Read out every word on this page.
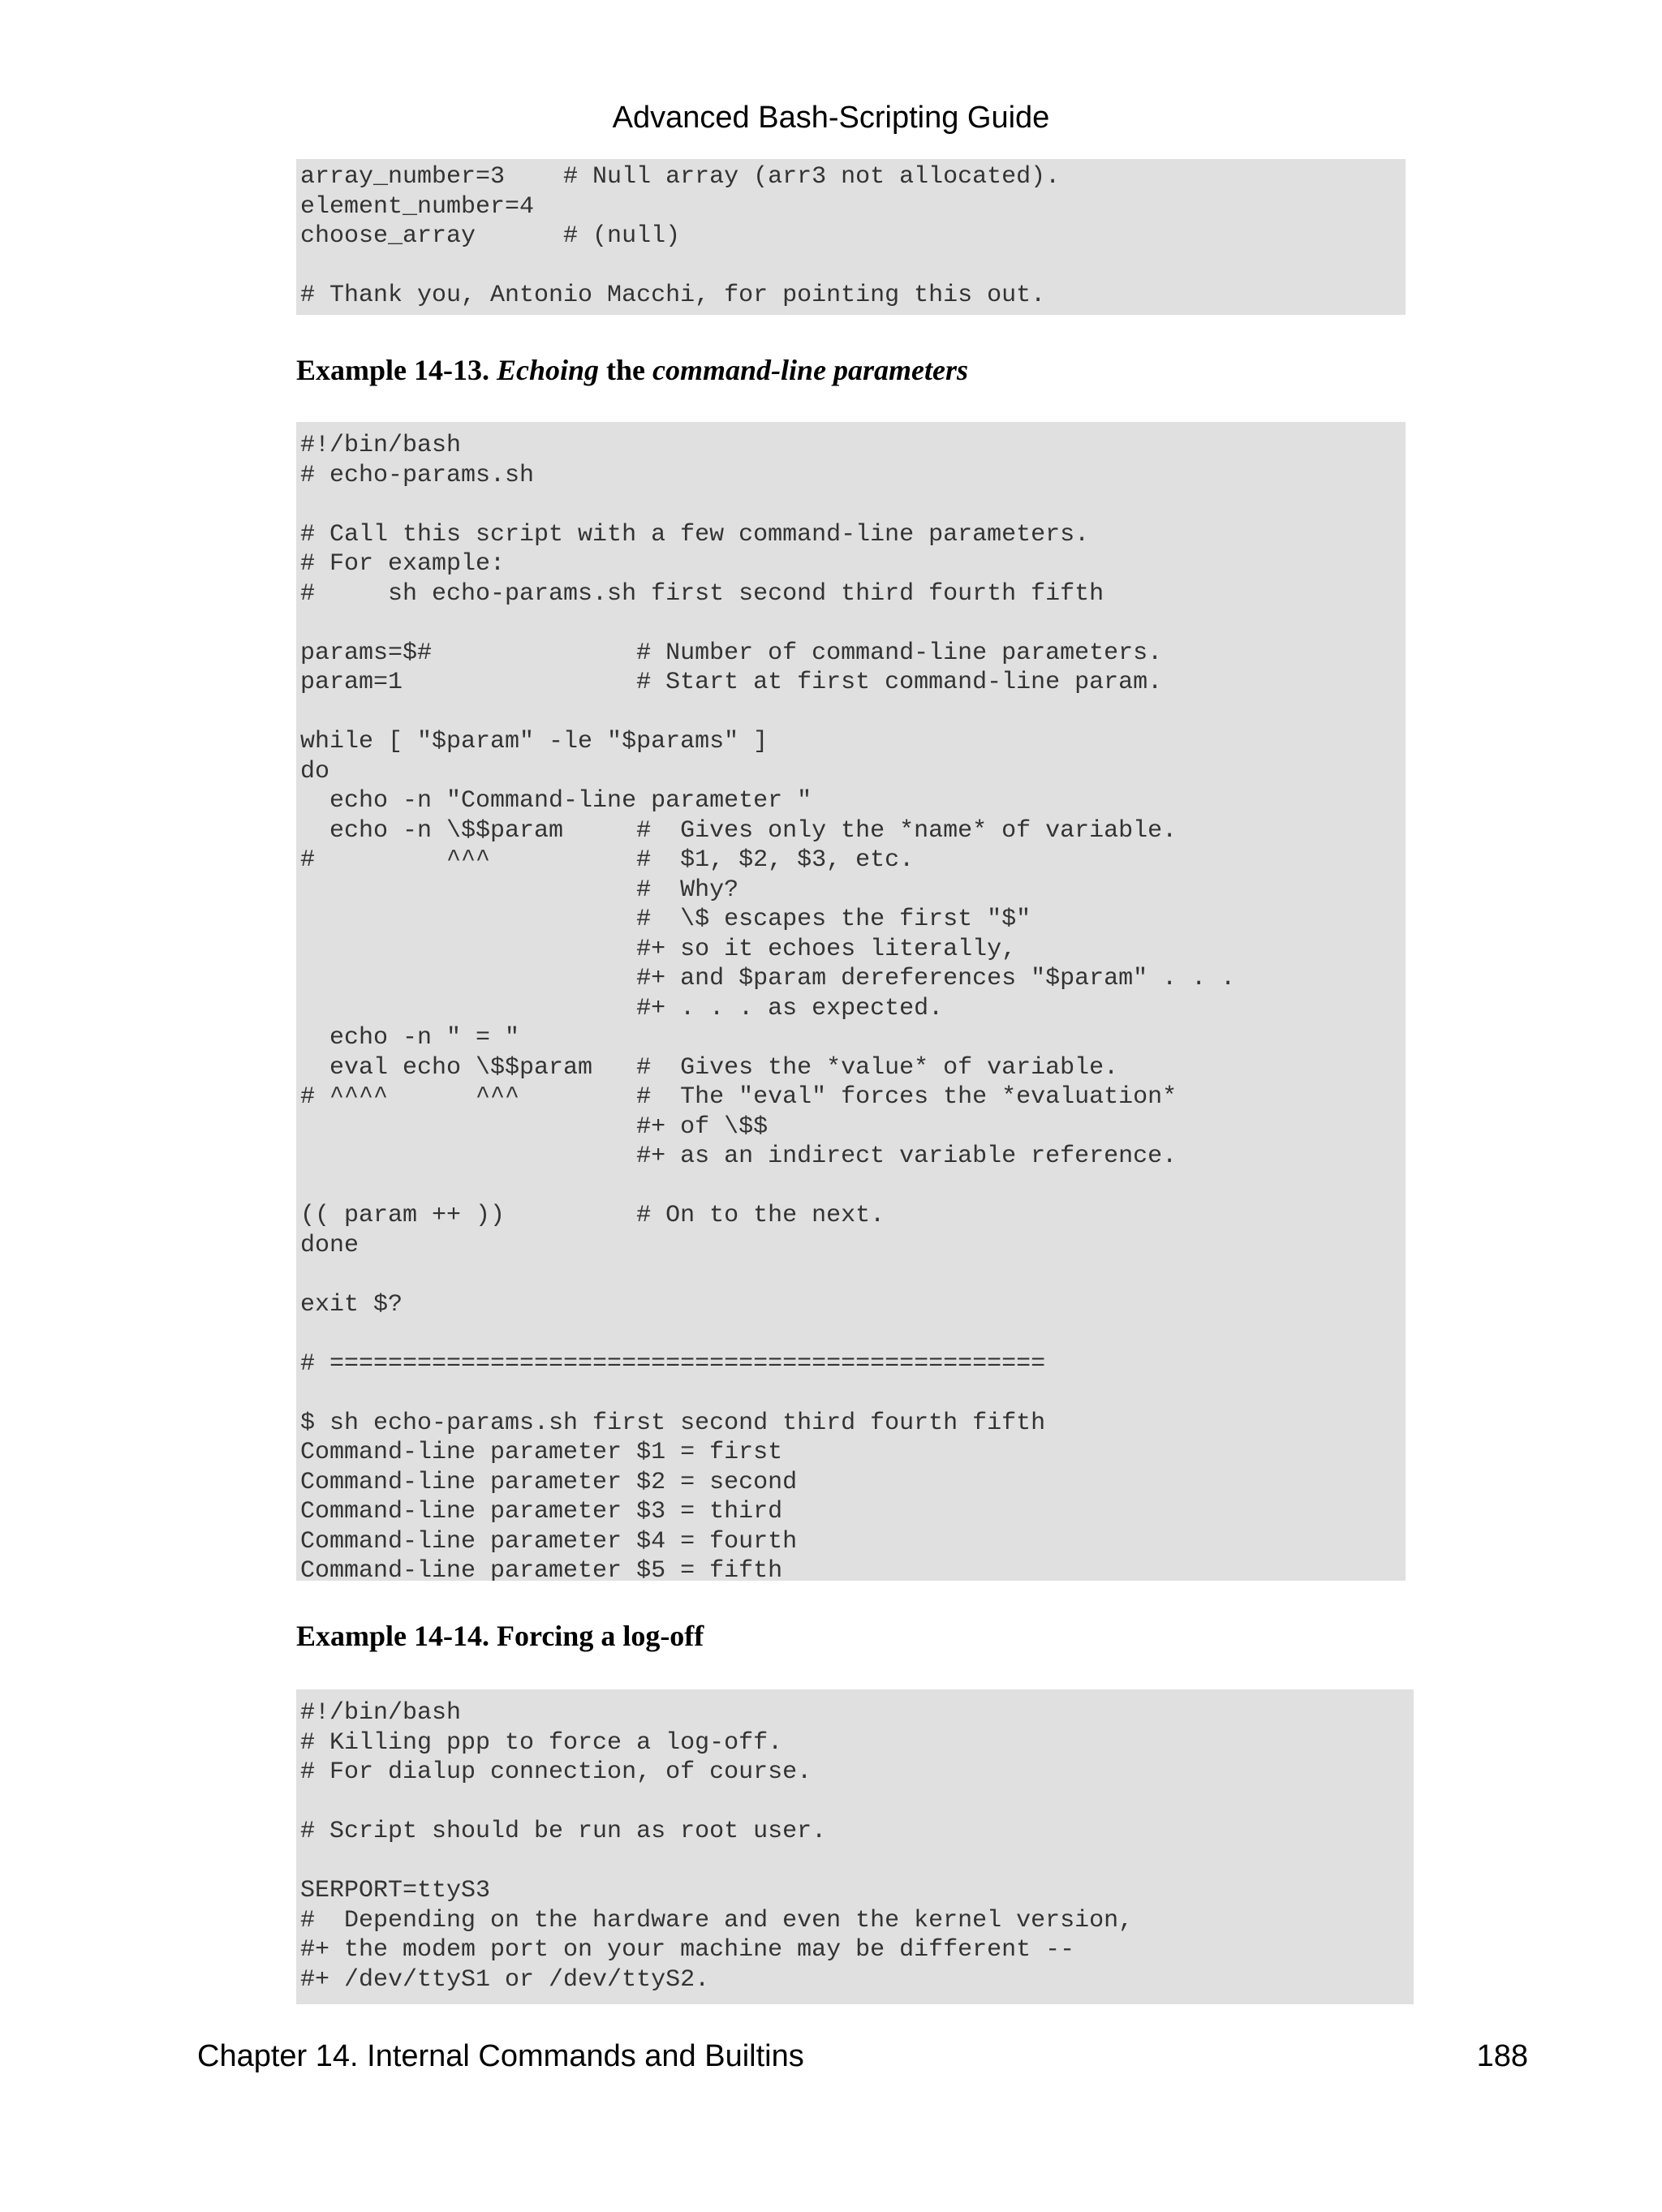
Advanced Bash-Scripting Guide
array_number=3    # Null array (arr3 not allocated).
element_number=4
choose_array      # (null)

# Thank you, Antonio Macchi, for pointing this out.
Example 14-13. Echoing the command-line parameters
#!/bin/bash
# echo-params.sh

# Call this script with a few command-line parameters.
# For example:
#     sh echo-params.sh first second third fourth fifth

params=$#              # Number of command-line parameters.
param=1                # Start at first command-line param.

while [ "$param" -le "$params" ]
do
echo -n "Command-line parameter "
echo -n \$$param     #  Gives only the *name* of variable.
#         ^^^          #  $1, $2, $3, etc.
#  Why?
#  \$ escapes the first "$"
#+ so it echoes literally,
#+ and $param dereferences "$param" . . .
#+ . . . as expected.
echo -n " = "
eval echo \$$param   #  Gives the *value* of variable.
# ^^^^      ^^^        #  The "eval" forces the *evaluation*
#+ of \$$
#+ as an indirect variable reference.

(( param ++ ))         # On to the next.
done

exit $?

# =================================================

$ sh echo-params.sh first second third fourth fifth
Command-line parameter $1 = first
Command-line parameter $2 = second
Command-line parameter $3 = third
Command-line parameter $4 = fourth
Command-line parameter $5 = fifth
Example 14-14. Forcing a log-off
#!/bin/bash
# Killing ppp to force a log-off.
# For dialup connection, of course.

# Script should be run as root user.

SERPORT=ttyS3
#  Depending on the hardware and even the kernel version,
#+ the modem port on your machine may be different --
#+ /dev/ttyS1 or /dev/ttyS2.
Chapter 14. Internal Commands and Builtins	188
